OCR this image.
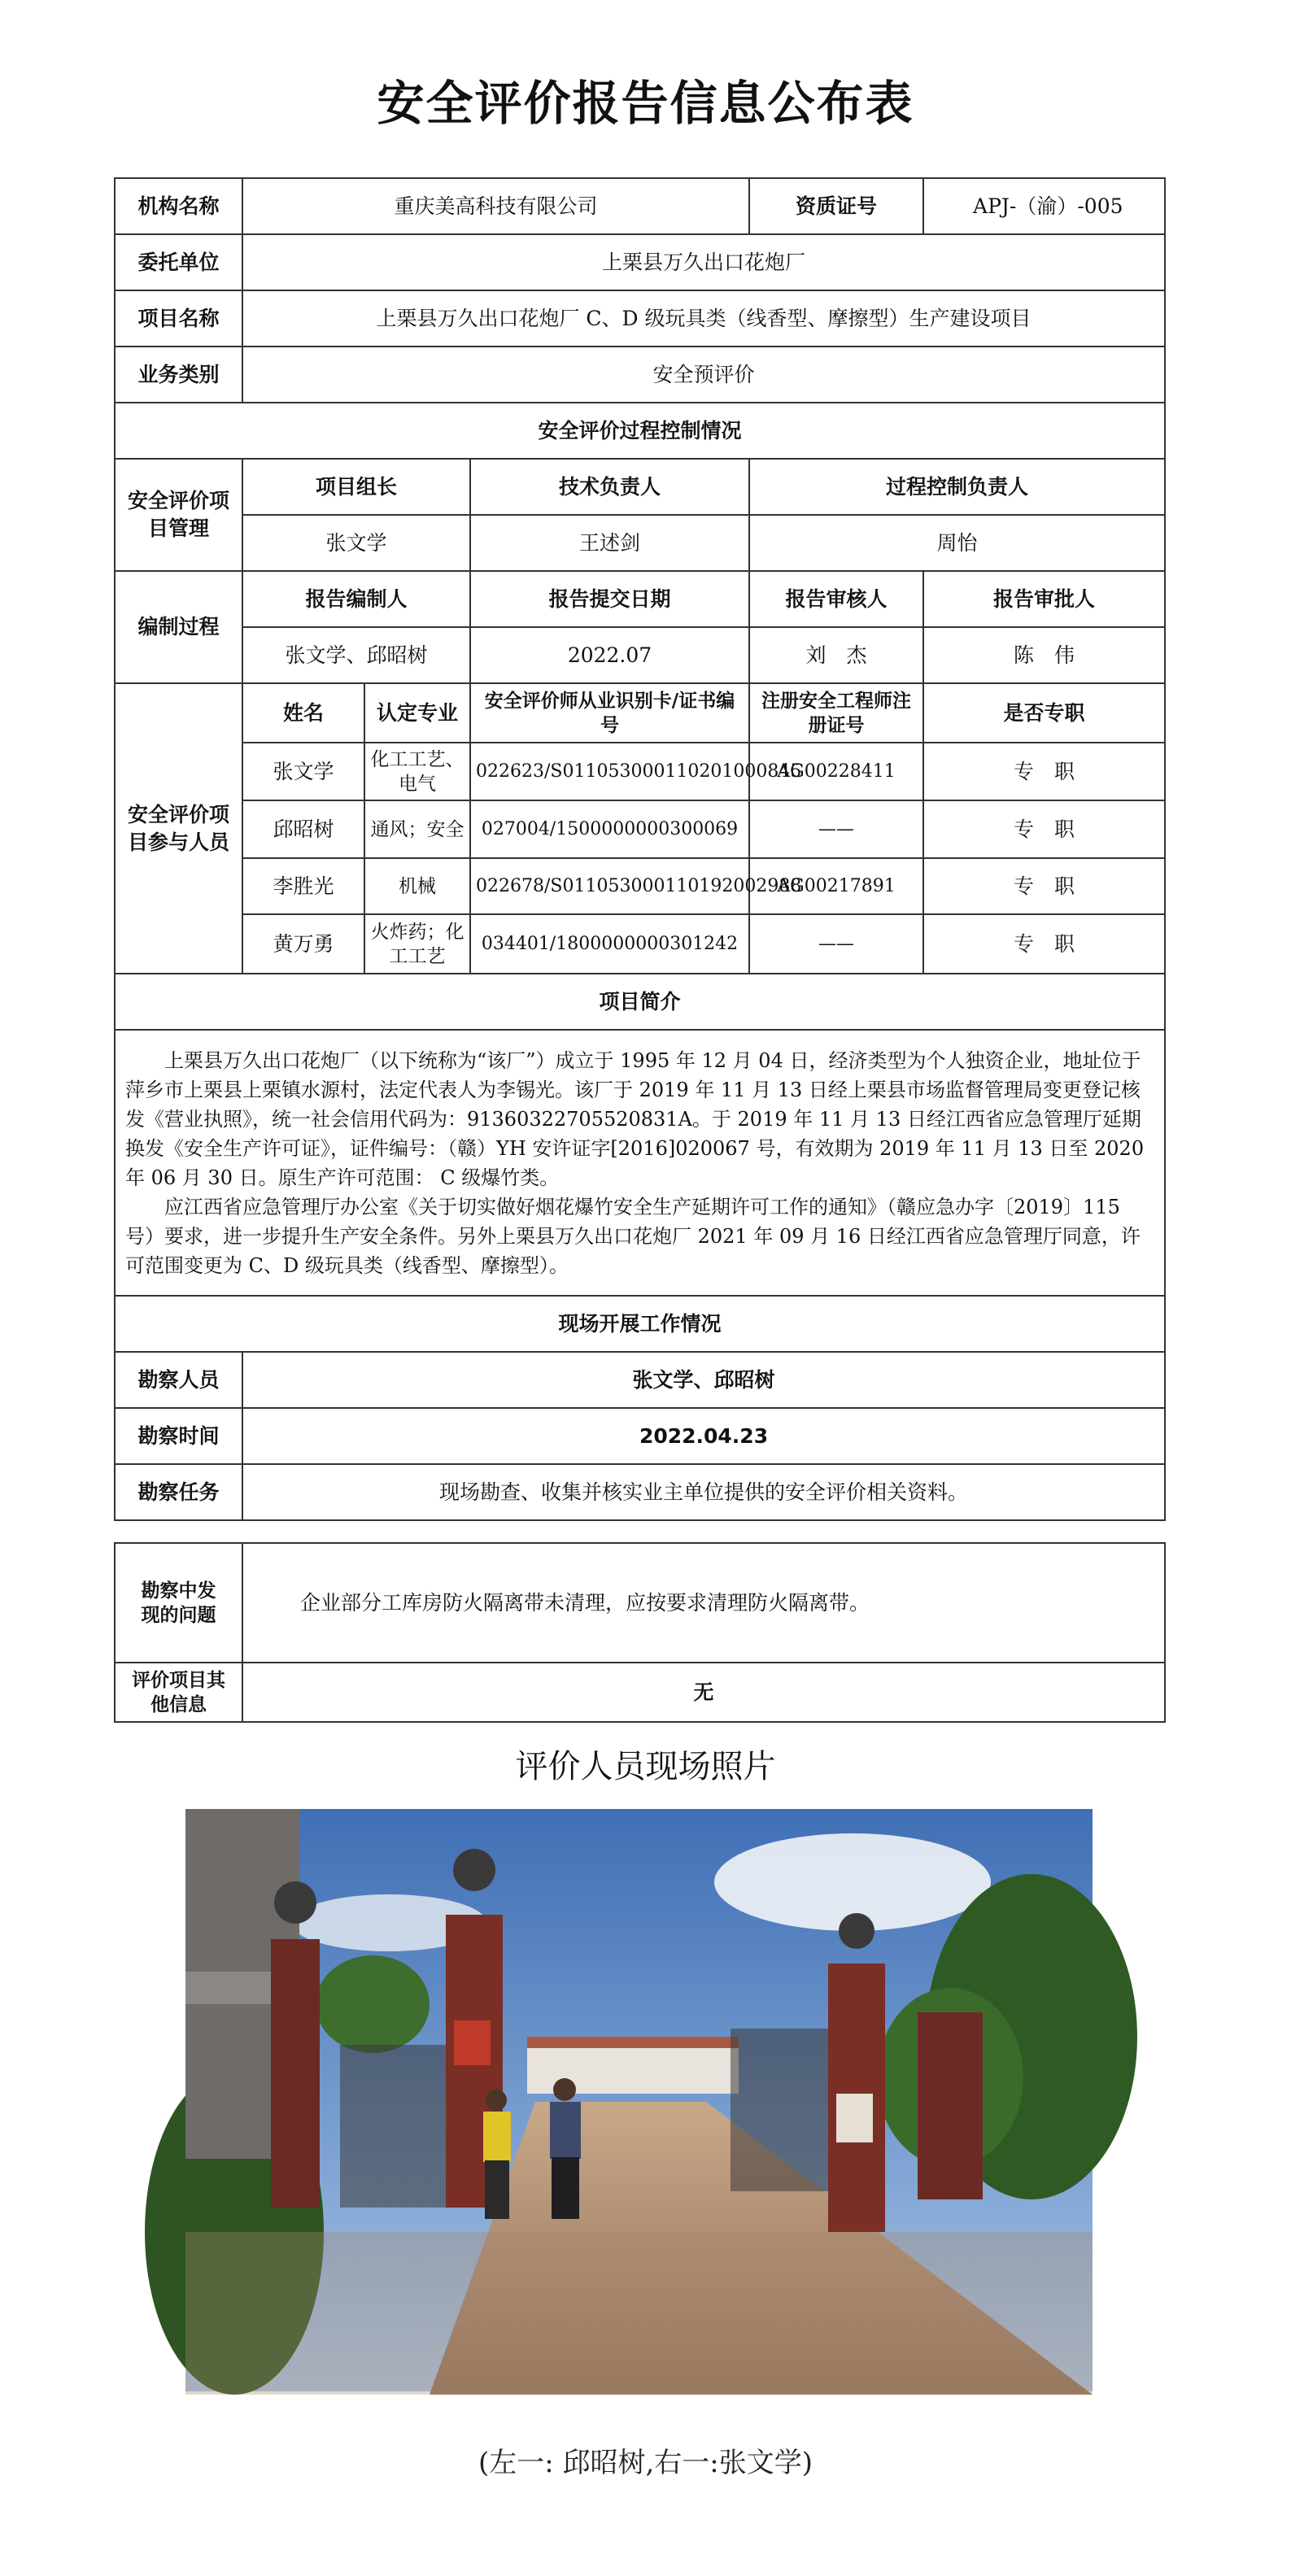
安全评价报告信息公布表
机构名称	重庆美高科技有限公司			资质证号	APJ-（渝）-005
委托单位	上栗县万久出口花炮厂				
项目名称	上栗县万久出口花炮厂 C、D 级玩具类（线香型、摩擦型）生产建设项目				
业务类别	安全预评价				
安全评价过程控制情况					
安全评价项目管理	项目组长		技术负责人	过程控制负责人	
	张文学		王述剑	周怡	
编制过程	报告编制人		报告提交日期	报告审核人	报告审批人
	张文学、邱昭树		2022.07	刘　杰	陈　伟
安全评价项目参与人员	姓名	认定专业	安全评价师从业识别卡/证书编号	注册安全工程师注册证号	是否专职
	张文学	化工工艺、电气	022623/S011053000110201000845	AG00228411	专　职
	邱昭树	通风；安全	027004/1500000000300069	——	专　职
	李胜光	机械	022678/S011053000110192002988	AG00217891	专　职
	黄万勇	火炸药；化工工艺	034401/1800000000301242	——	专　职
项目简介					

上栗县万久出口花炮厂（以下统称为“该厂”）成立于 1995 年 12 月 04 日，经济类型为个人独资企业，地址位于萍乡市上栗县上栗镇水源村，法定代表人为李锡光。该厂于 2019 年 11 月 13 日经上栗县市场监督管理局变更登记核发《营业执照》，统一社会信用代码为：91360322705520831A。于 2019 年 11 月 13 日经江西省应急管理厅延期换发《安全生产许可证》，证件编号：（赣）YH 安许证字[2016]020067 号，有效期为 2019 年 11 月 13 日至 2020 年 06 月 30 日。原生产许可范围： C 级爆竹类。

应江西省应急管理厅办公室《关于切实做好烟花爆竹安全生产延期许可工作的通知》（赣应急办字〔2019〕115 号）要求，进一步提升生产安全条件。另外上栗县万久出口花炮厂 2021 年 09 月 16 日经江西省应急管理厅同意，许可范围变更为 C、D 级玩具类（线香型、摩擦型）。					

现场开展工作情况					
勘察人员	张文学、邱昭树				
勘察时间	2022.04.23				
勘察任务	现场勘查、收集并核实业主单位提供的安全评价相关资料。				
勘察中发现的问题	企业部分工库房防火隔离带未清理，应按要求清理防火隔离带。
评价项目其他信息	无
评价人员现场照片
(左一: 邱昭树,右一:张文学)
